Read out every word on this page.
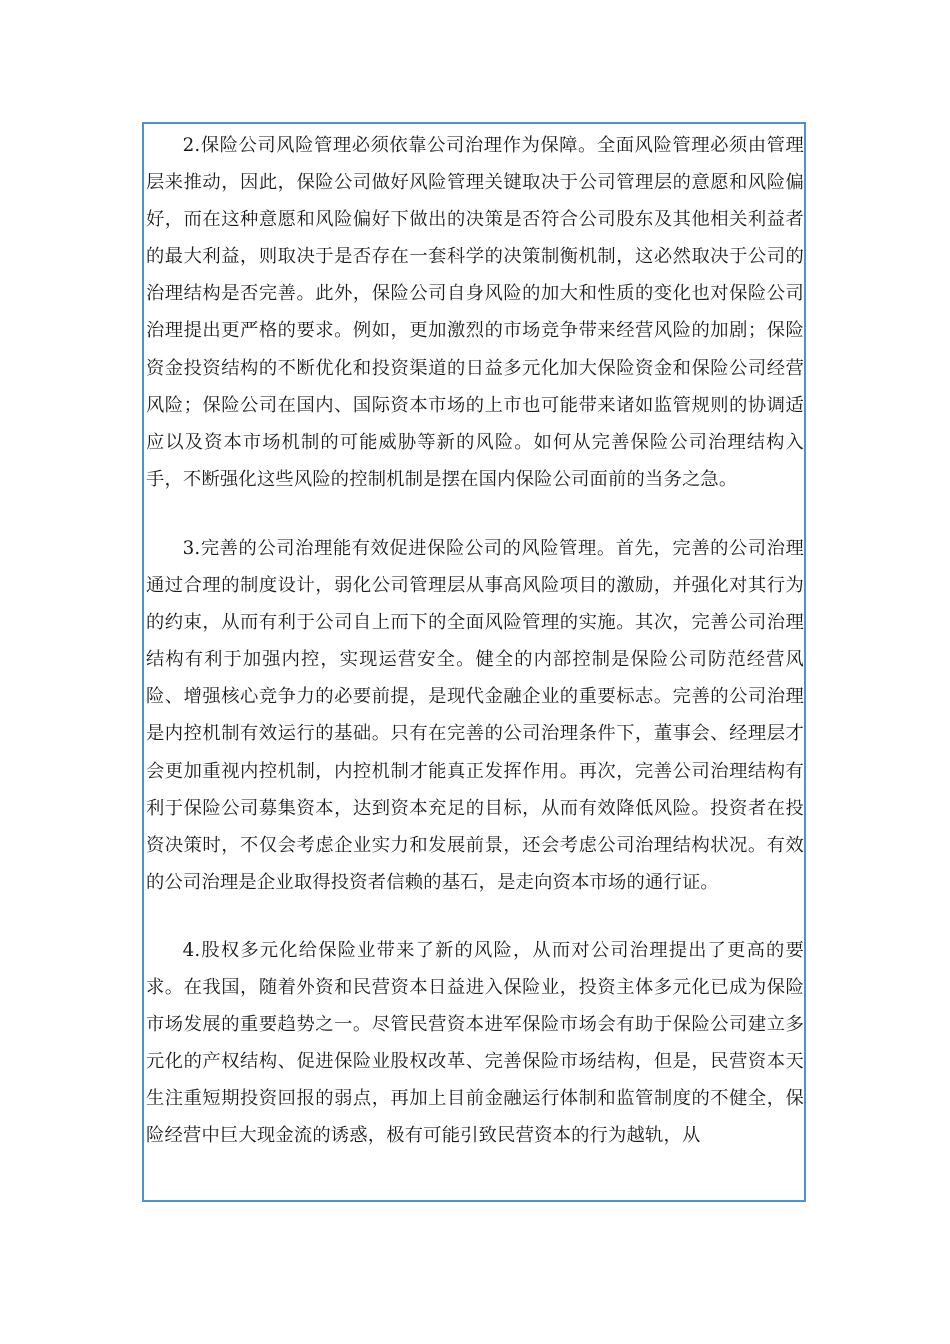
2.保险公司风险管理必须依靠公司治理作为保障。全面风险管理必须由管理层来推动，因此，保险公司做好风险管理关键取决于公司管理层的意愿和风险偏好，而在这种意愿和风险偏好下做出的决策是否符合公司股东及其他相关利益者的最大利益，则取决于是否存在一套科学的决策制衡机制，这必然取决于公司的治理结构是否完善。此外，保险公司自身风险的加大和性质的变化也对保险公司治理提出更严格的要求。例如，更加激烈的市场竞争带来经营风险的加剧；保险资金投资结构的不断优化和投资渠道的日益多元化加大保险资金和保险公司经营风险；保险公司在国内、国际资本市场的上市也可能带来诸如监管规则的协调适应以及资本市场机制的可能威胁等新的风险。如何从完善保险公司治理结构入手，不断强化这些风险的控制机制是摆在国内保险公司面前的当务之急。

3.完善的公司治理能有效促进保险公司的风险管理。首先，完善的公司治理通过合理的制度设计，弱化公司管理层从事高风险项目的激励，并强化对其行为的约束，从而有利于公司自上而下的全面风险管理的实施。其次，完善公司治理结构有利于加强内控，实现运营安全。健全的内部控制是保险公司防范经营风险、增强核心竞争力的必要前提，是现代金融企业的重要标志。完善的公司治理是内控机制有效运行的基础。只有在完善的公司治理条件下，董事会、经理层才会更加重视内控机制，内控机制才能真正发挥作用。再次，完善公司治理结构有利于保险公司募集资本，达到资本充足的目标，从而有效降低风险。投资者在投资决策时，不仅会考虑企业实力和发展前景，还会考虑公司治理结构状况。有效的公司治理是企业取得投资者信赖的基石，是走向资本市场的通行证。

4.股权多元化给保险业带来了新的风险，从而对公司治理提出了更高的要求。在我国，随着外资和民营资本日益进入保险业，投资主体多元化已成为保险市场发展的重要趋势之一。尽管民营资本进军保险市场会有助于保险公司建立多元化的产权结构、促进保险业股权改革、完善保险市场结构，但是，民营资本天生注重短期投资回报的弱点，再加上目前金融运行体制和监管制度的不健全，保险经营中巨大现金流的诱惑，极有可能引致民营资本的行为越轨，从
